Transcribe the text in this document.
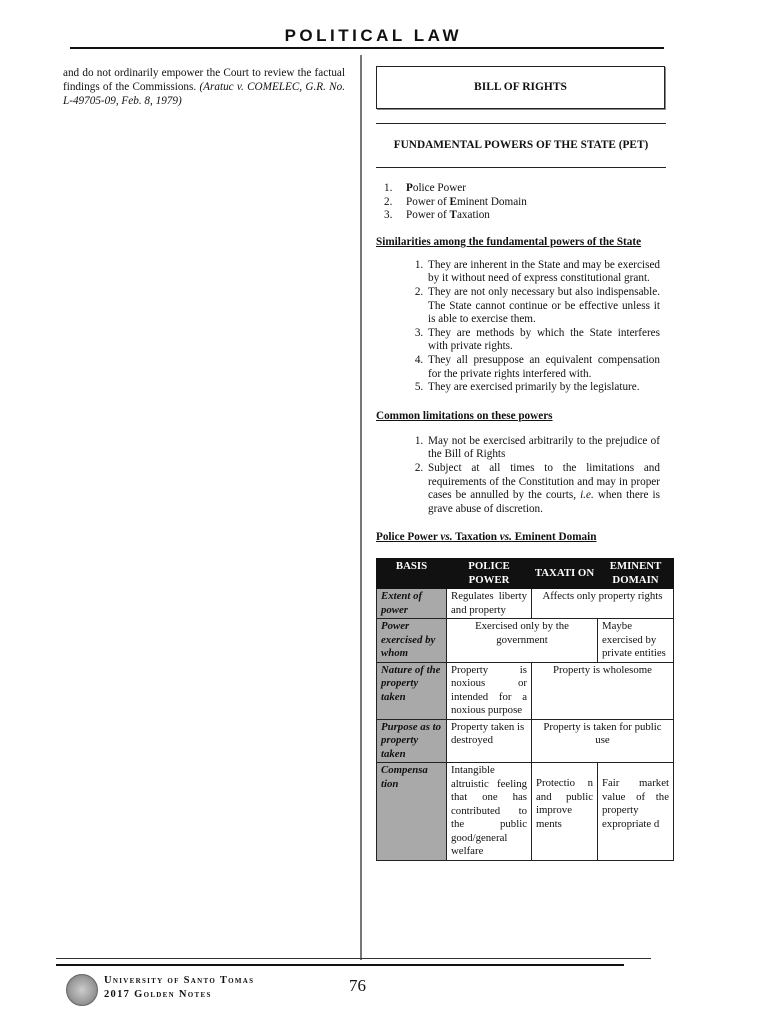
POLITICAL LAW
and do not ordinarily empower the Court to review the factual findings of the Commissions. (Aratuc v. COMELEC, G.R. No. L-49705-09, Feb. 8, 1979)
BILL OF RIGHTS
FUNDAMENTAL POWERS OF THE STATE (PET)
1. Police Power
2. Power of Eminent Domain
3. Power of Taxation
Similarities among the fundamental powers of the State
1. They are inherent in the State and may be exercised by it without need of express constitutional grant.
2. They are not only necessary but also indispensable. The State cannot continue or be effective unless it is able to exercise them.
3. They are methods by which the State interferes with private rights.
4. They all presuppose an equivalent compensation for the private rights interfered with.
5. They are exercised primarily by the legislature.
Common limitations on these powers
1. May not be exercised arbitrarily to the prejudice of the Bill of Rights
2. Subject at all times to the limitations and requirements of the Constitution and may in proper cases be annulled by the courts, i.e. when there is grave abuse of discretion.
Police Power vs. Taxation vs. Eminent Domain
BASIS	POLICE POWER	TAXATI ON	EMINENT DOMAIN
Extent of power	Regulates liberty and property	Affects only property rights	
Power exercised by whom	Exercised only by the government		Maybe exercised by private entities
Nature of the property taken	Property is noxious or intended for a noxious purpose	Property is wholesome	
Purpose as to property taken	Property taken is destroyed	Property is taken for public use	
Compensa tion	Intangible altruistic feeling that one has contributed to the public good/general welfare	Protectio n and public improve ments	Fair market value of the property expropriate d
University of Santo Tomas
2017 Golden Notes	76
